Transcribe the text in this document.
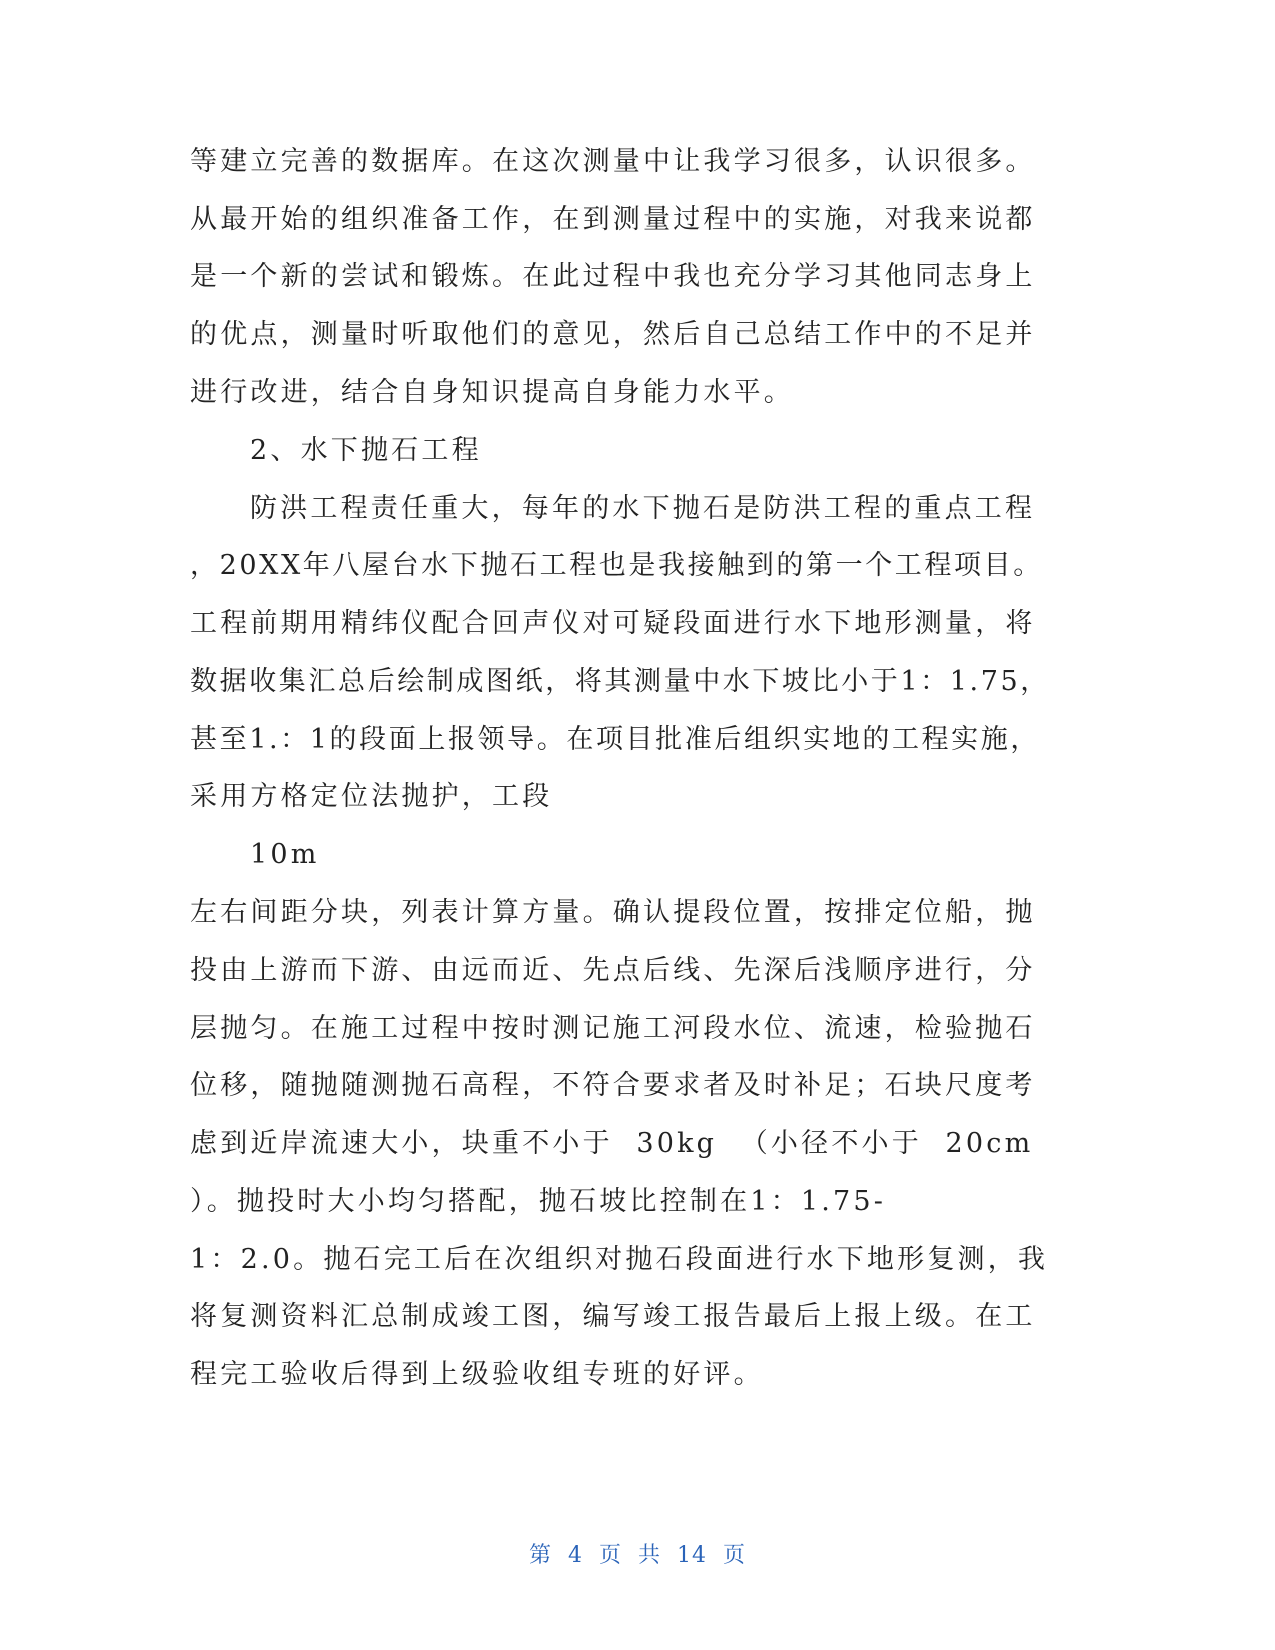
等建立完善的数据库。在这次测量中让我学习很多，认识很多。
从最开始的组织准备工作，在到测量过程中的实施，对我来说都
是一个新的尝试和锻炼。在此过程中我也充分学习其他同志身上
的优点，测量时听取他们的意见，然后自己总结工作中的不足并
进行改进，结合自身知识提高自身能力水平。
2、水下抛石工程
防洪工程责任重大，每年的水下抛石是防洪工程的重点工程
，20XX年八屋台水下抛石工程也是我接触到的第一个工程项目。
工程前期用精纬仪配合回声仪对可疑段面进行水下地形测量，将
数据收集汇总后绘制成图纸，将其测量中水下坡比小于1：1.75，
甚至1.：1的段面上报领导。在项目批准后组织实地的工程实施，
采用方格定位法抛护，工段
10m
左右间距分块，列表计算方量。确认提段位置，按排定位船，抛
投由上游而下游、由远而近、先点后线、先深后浅顺序进行，分
层抛匀。在施工过程中按时测记施工河段水位、流速，检验抛石
位移，随抛随测抛石高程，不符合要求者及时补足；石块尺度考
虑到近岸流速大小，块重不小于  30kg  （小径不小于  20cm
）。抛投时大小均匀搭配，抛石坡比控制在1：1.75-
1：2.0。抛石完工后在次组织对抛石段面进行水下地形复测，我
将复测资料汇总制成竣工图，编写竣工报告最后上报上级。在工
程完工验收后得到上级验收组专班的好评。
第 4 页 共 14 页
